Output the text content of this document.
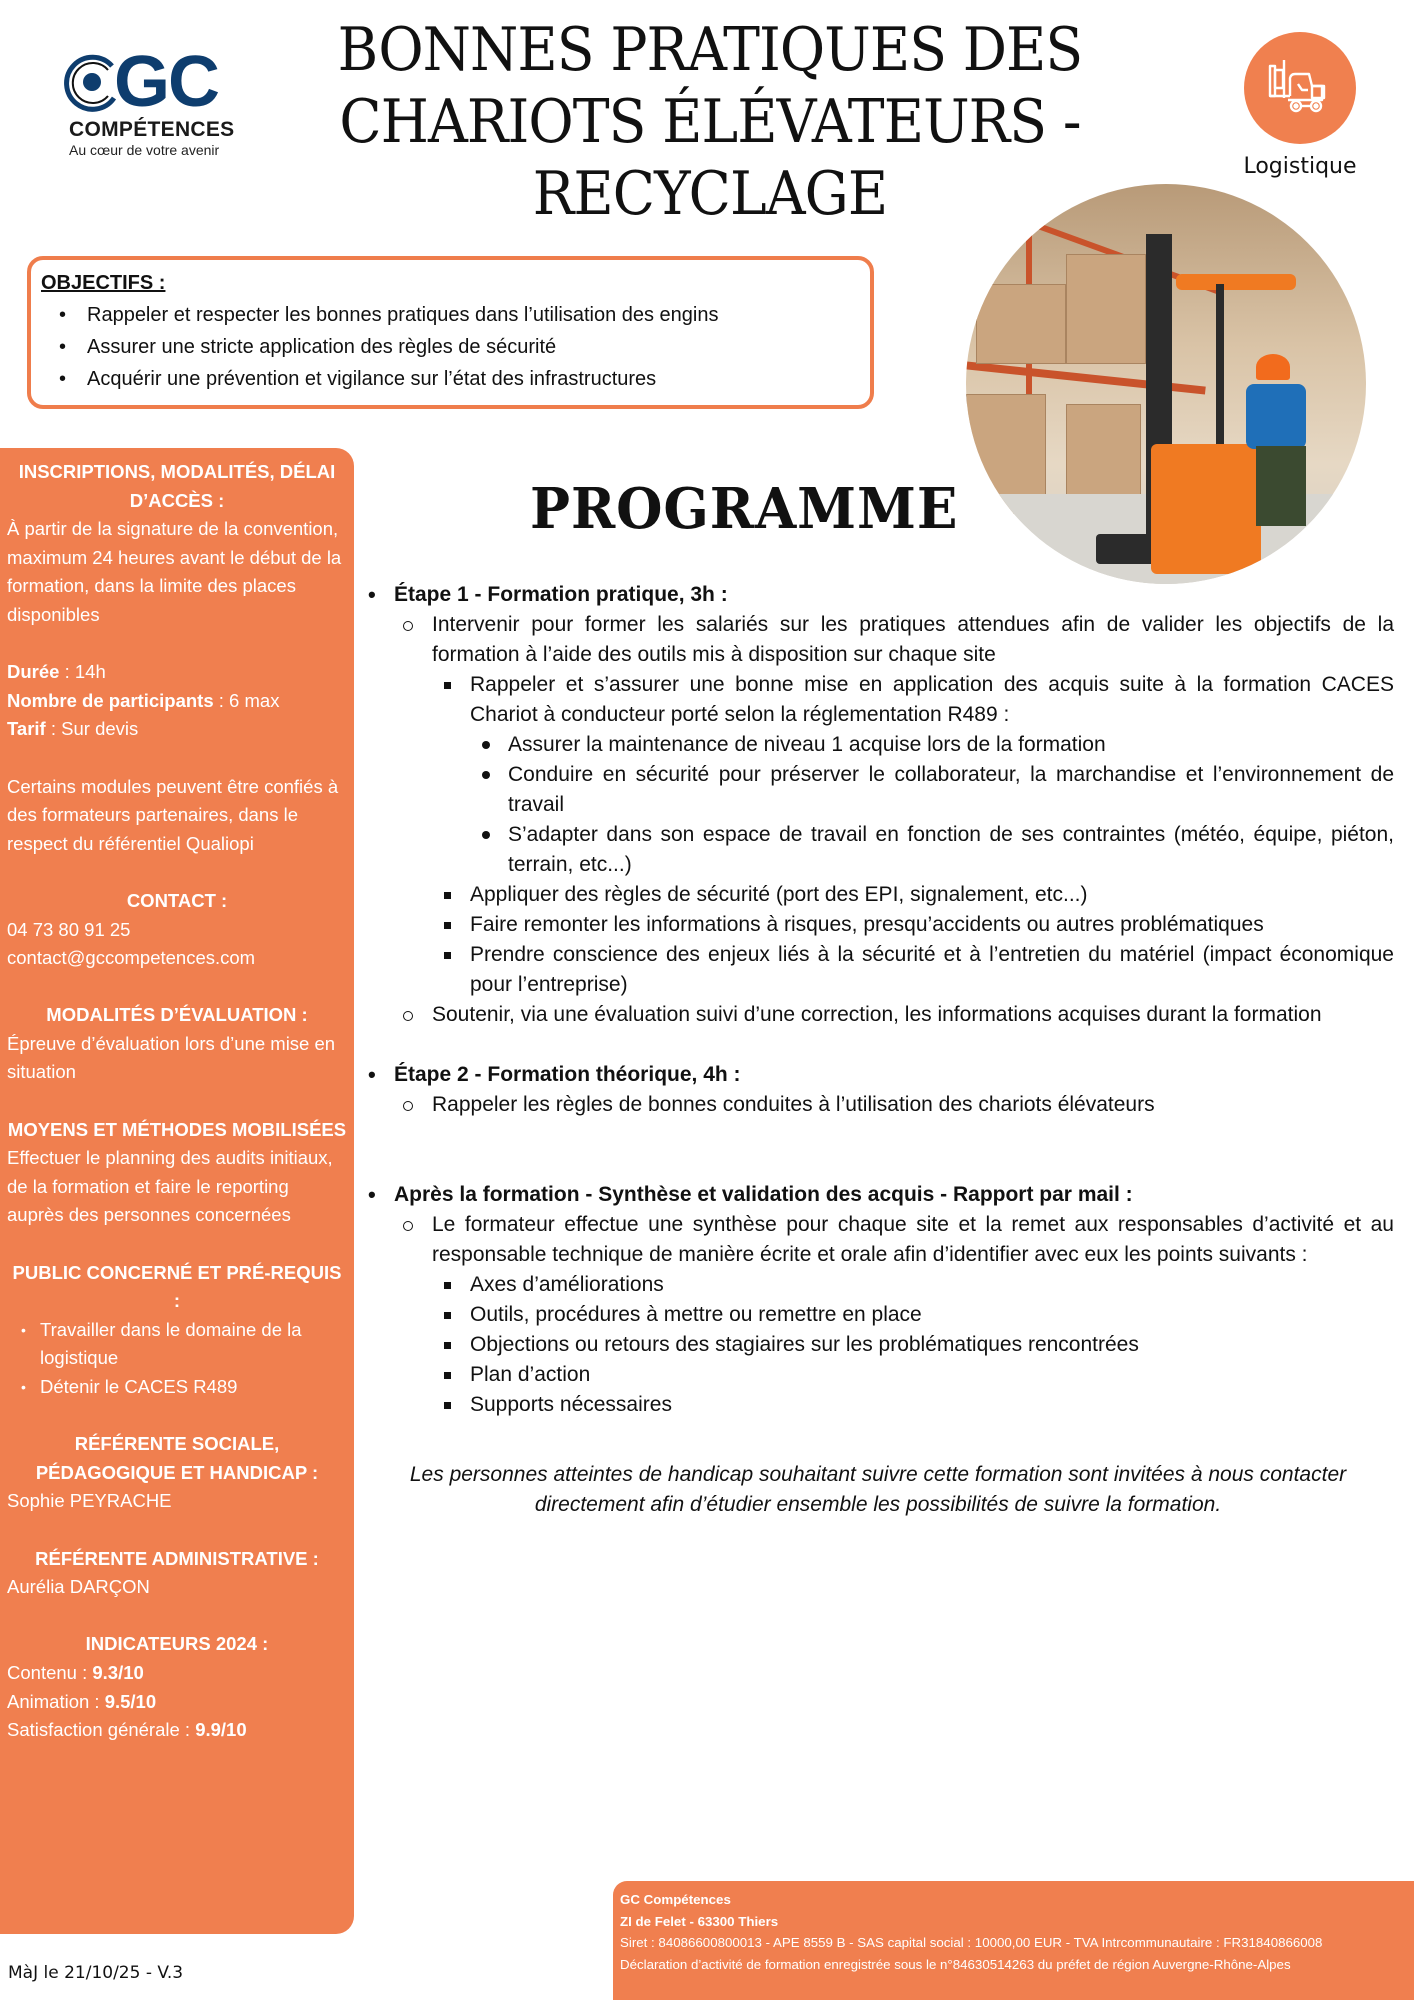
GC
COMPÉTENCES
Au cœur de votre avenir
BONNES PRATIQUES DES
CHARIOTS ÉLÉVATEURS -
RECYCLAGE	Logistique
OBJECTIFS :
• Rappeler et respecter les bonnes pratiques dans l’utilisation des engins
• Assurer une stricte application des règles de sécurité
• Acquérir une prévention et vigilance sur l’état des infrastructures
INSCRIPTIONS, MODALITÉS, DÉLAI D’ACCÈS :
À partir de la signature de la convention, maximum 24 heures avant le début de la formation, dans la limite des places disponibles
Durée : 14h
Nombre de participants : 6 max
Tarif : Sur devis
Certains modules peuvent être confiés à des formateurs partenaires, dans le respect du référentiel Qualiopi
CONTACT :
04 73 80 91 25
contact@gccompetences.com
MODALITÉS D’ÉVALUATION :
Épreuve d’évaluation lors d’une mise en situation
MOYENS ET MÉTHODES MOBILISÉES
Effectuer le planning des audits initiaux, de la formation et faire le reporting auprès des personnes concernées
PUBLIC CONCERNÉ ET PRÉ-REQUIS :
• Travailler dans le domaine de la logistique
• Détenir le CACES R489
RÉFÉRENTE SOCIALE, PÉDAGOGIQUE ET HANDICAP :
Sophie PEYRACHE
RÉFÉRENTE ADMINISTRATIVE :
Aurélia DARÇON
INDICATEURS 2024 :
Contenu : 9.3/10
Animation : 9.5/10
Satisfaction générale : 9.9/10
PROGRAMME
• Étape 1 - Formation pratique, 3h :
Intervenir pour former les salariés sur les pratiques attendues afin de valider les objectifs de la formation à l’aide des outils mis à disposition sur chaque site
Rappeler et s’assurer une bonne mise en application des acquis suite à la formation CACES Chariot à conducteur porté selon la réglementation R489 :
Assurer la maintenance de niveau 1 acquise lors de la formation
Conduire en sécurité pour préserver le collaborateur, la marchandise et l’environnement de travail
S’adapter dans son espace de travail en fonction de ses contraintes (météo, équipe, piéton, terrain, etc...)
Appliquer des règles de sécurité (port des EPI, signalement, etc...)
Faire remonter les informations à risques, presqu’accidents ou autres problématiques
Prendre conscience des enjeux liés à la sécurité et à l’entretien du matériel (impact économique pour l’entreprise)
Soutenir, via une évaluation suivi d’une correction, les informations acquises durant la formation
• Étape 2 - Formation théorique, 4h :
Rappeler les règles de bonnes conduites à l’utilisation des chariots élévateurs
• Après la formation - Synthèse et validation des acquis - Rapport par mail :
Le formateur effectue une synthèse pour chaque site et la remet aux responsables d’activité et au responsable technique de manière écrite et orale afin d’identifier avec eux les points suivants :
Axes d’améliorations
Outils, procédures à mettre ou remettre en place
Objections ou retours des stagiaires sur les problématiques rencontrées
Plan d’action
Supports nécessaires
Les personnes atteintes de handicap souhaitant suivre cette formation sont invitées à nous contacter directement afin d’étudier ensemble les possibilités de suivre la formation.
GC Compétences
ZI de Felet - 63300 Thiers
Siret : 84086600800013 - APE 8559 B - SAS capital social : 10000,00 EUR - TVA Intrcommunautaire : FR31840866008
Déclaration d’activité de formation enregistrée sous le n°84630514263 du préfet de région Auvergne-Rhône-Alpes
MàJ le 21/10/25 - V.3
